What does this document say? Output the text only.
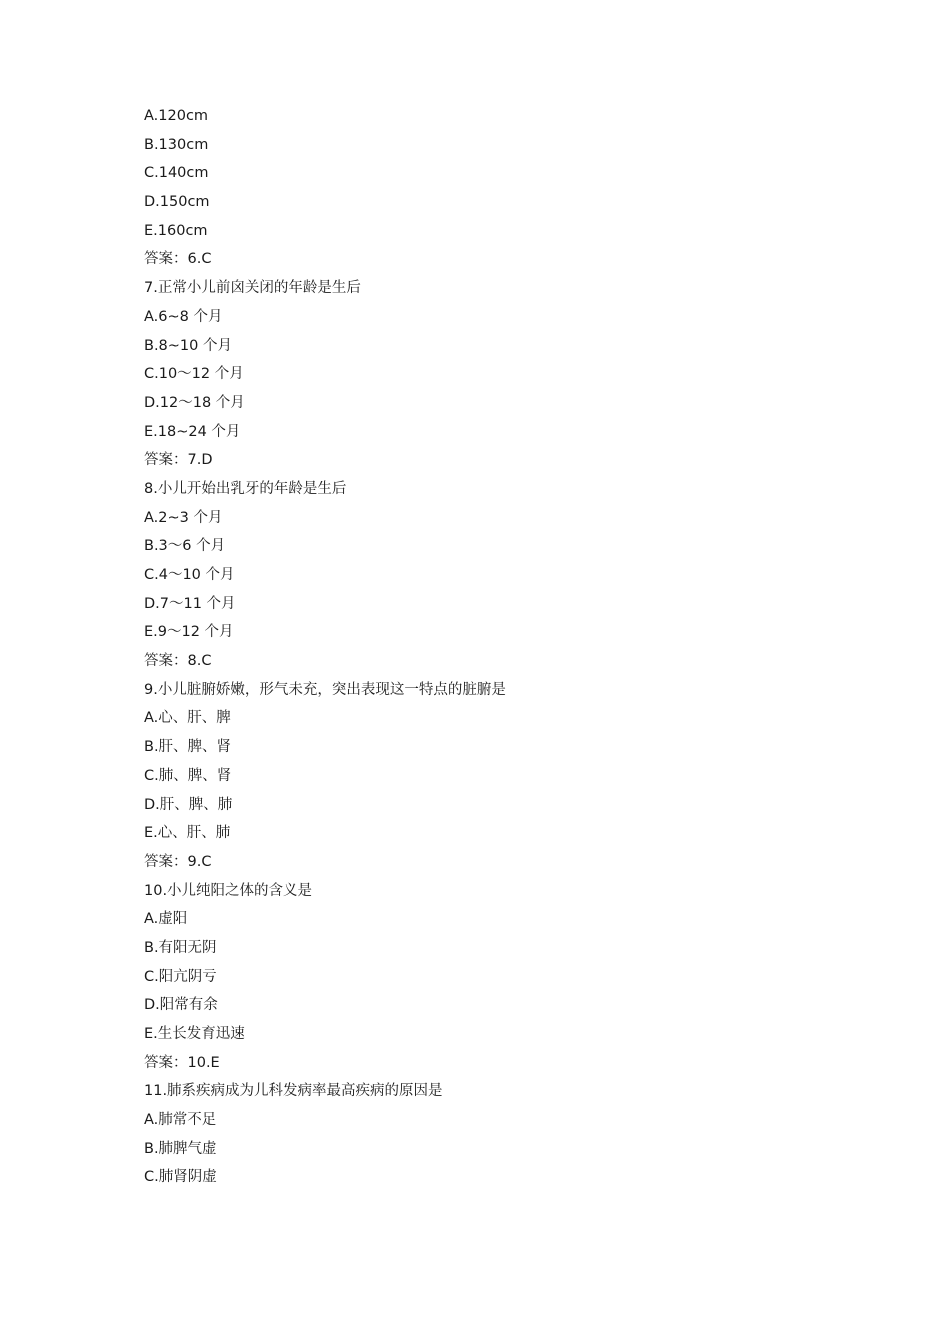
A.120cm
B.130cm
C.140cm
D.150cm
E.160cm
答案：6.C
7.正常小儿前囟关闭的年龄是生后
A.6~8 个月
B.8~10 个月
C.10～12 个月
D.12～18 个月
E.18~24 个月
答案：7.D
8.小儿开始出乳牙的年龄是生后
A.2~3 个月
B.3～6 个月
C.4～10 个月
D.7～11 个月
E.9～12 个月
答案：8.C
9.小儿脏腑娇嫩，形气未充，突出表现这一特点的脏腑是
A.心、肝、脾
B.肝、脾、肾
C.肺、脾、肾
D.肝、脾、肺
E.心、肝、肺
答案：9.C
10.小儿纯阳之体的含义是
A.虚阳
B.有阳无阴
C.阳亢阴亏
D.阳常有余
E.生长发育迅速
答案：10.E
11.肺系疾病成为儿科发病率最高疾病的原因是
A.肺常不足
B.肺脾气虚
C.肺肾阴虚
